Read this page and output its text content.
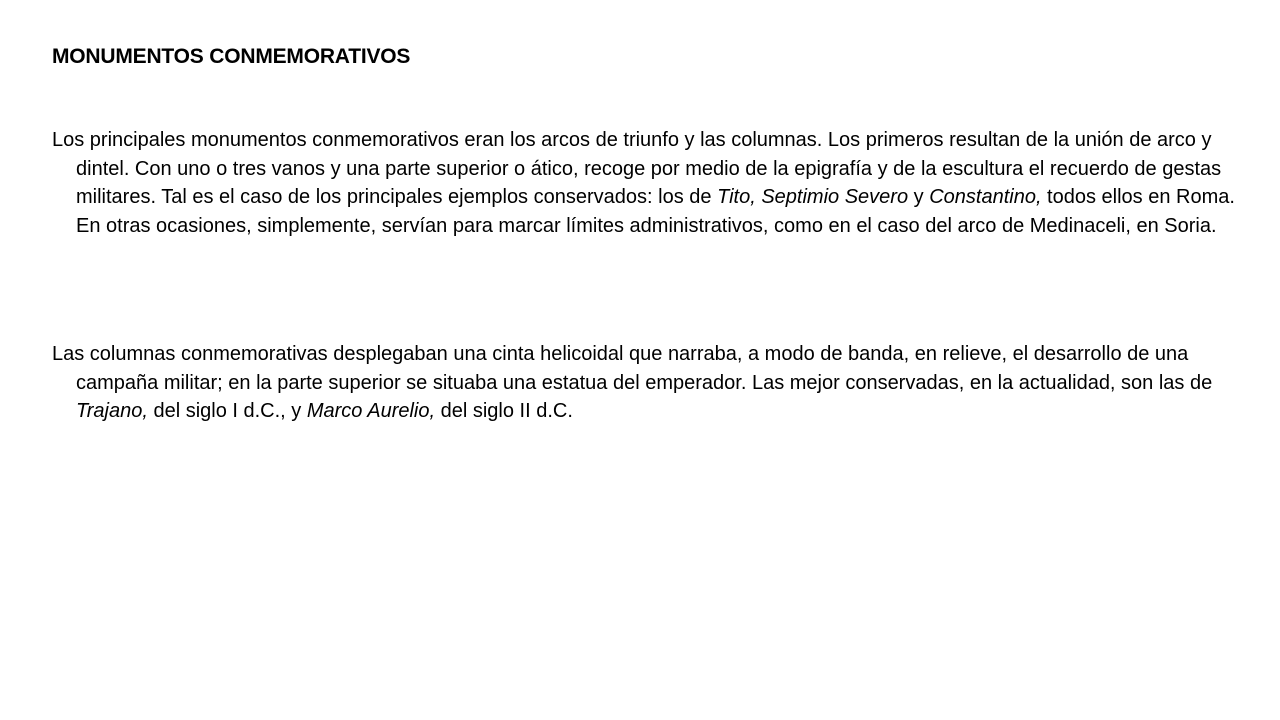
MONUMENTOS CONMEMORATIVOS

Los principales monumentos conmemorativos eran los arcos de triunfo y las columnas. Los primeros resultan de la unión de arco y dintel. Con uno o tres vanos y una parte superior o ático, recoge por medio de la epigrafía y de la escultura el recuerdo de gestas militares. Tal es el caso de los principales ejemplos conservados: los de Tito, Septimio Severo y Constantino, todos ellos en Roma. En otras ocasiones, simplemente, servían para marcar límites administrativos, como en el caso del arco de Medinaceli, en Soria.

Las columnas conmemorativas desplegaban una cinta helicoidal que narraba, a modo de banda, en relieve, el desarrollo de una campaña militar; en la parte superior se situaba una estatua del emperador. Las mejor conservadas, en la actualidad, son las de Trajano, del siglo I d.C., y Marco Aurelio, del siglo II d.C.
